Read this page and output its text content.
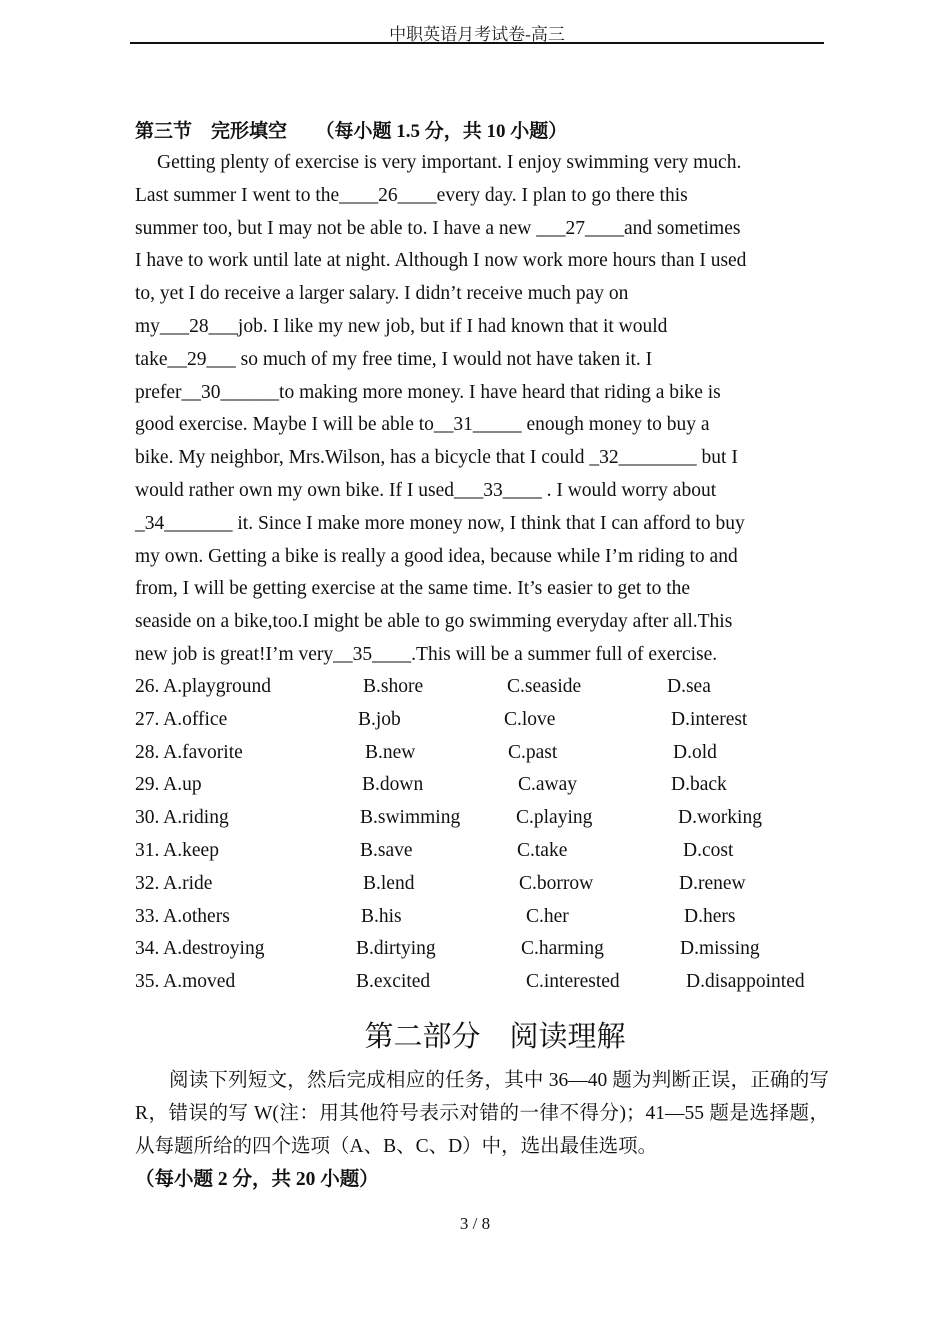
中职英语月考试卷-高三
第三节    完形填空      （每小题 1.5 分，共 10 小题）

Getting plenty of exercise is very important. I enjoy swimming very much.

Last summer I went to the____26____every day. I plan to go there this

summer too, but I may not be able to. I have a new ___27____and sometimes

I have to work until late at night. Although I now work more hours than I used

to, yet I do receive a larger salary. I didn’t receive much pay on

my___28___job. I like my new job, but if I had known that it would

take__29___ so much of my free time, I would not have taken it. I

prefer__30______to making more money. I have heard that riding a bike is

good exercise. Maybe I will be able to__31_____ enough money to buy a

bike. My neighbor, Mrs.Wilson, has a bicycle that I could _32________ but I

would rather own my own bike. If I used___33____ . I would worry about

_34_______ it. Since I make more money now, I think that I can afford to buy

my own. Getting a bike is really a good idea, because while I’m riding to and

from, I will be getting exercise at the same time. It’s easier to get to the

seaside on a bike,too.I might be able to go swimming everyday after all.This

new job is great!I’m very__35____.This will be a summer full of exercise.

26. A.playground	B.shore	C.seaside	D.sea
27. A.office	B.job	C.love	D.interest
28. A.favorite	B.new	C.past	D.old
29. A.up	B.down	C.away	D.back
30. A.riding	B.swimming	C.playing	D.working
31. A.keep	B.save	C.take	D.cost
32. A.ride	B.lend	C.borrow	D.renew
33. A.others	B.his	C.her	D.hers
34. A.destroying	B.dirtying	C.harming	D.missing
35. A.moved	B.excited	C.interested	D.disappointed
第二部分    阅读理解

阅读下列短文，然后完成相应的任务，其中 36—40 题为判断正误，正确的写 R，错误的写 W(注：用其他符号表示对错的一律不得分)；41—55 题是选择题，从每题所给的四个选项（A、B、C、D）中，选出最佳选项。

（每小题 2 分，共 20 小题）

3 / 8
